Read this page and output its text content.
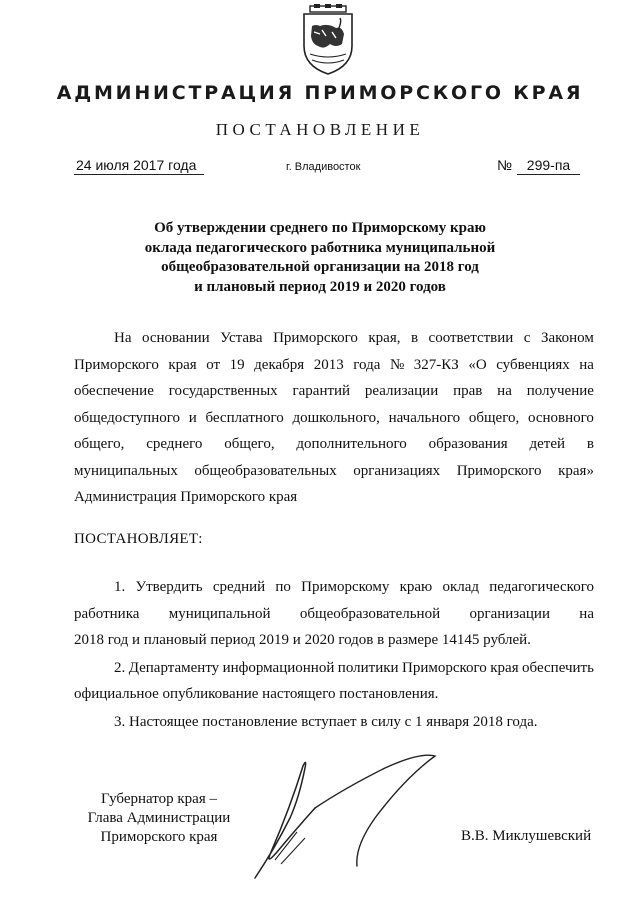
АДМИНИСТРАЦИЯ ПРИМОРСКОГО КРАЯ
ПОСТАНОВЛЕНИЕ
24 июля 2017 года	г. Владивосток	№	299-па
Об утверждении среднего по Приморскому краю
оклада педагогического работника муниципальной
общеобразовательной организации на 2018 год
и плановый период 2019 и 2020 годов
На основании Устава Приморского края, в соответствии с Законом
Приморского края от 19 декабря 2013 года № 327-КЗ «О субвенциях на
обеспечение государственных гарантий реализации прав на получение
общедоступного и бесплатного дошкольного, начального общего, основного
общего, среднего общего, дополнительного образования детей в
муниципальных общеобразовательных организациях Приморского края»
Администрация Приморского края
ПОСТАНОВЛЯЕТ:
1. Утвердить средний по Приморскому краю оклад педагогического
работника муниципальной общеобразовательной организации на
2018 год и плановый период 2019 и 2020 годов в размере 14145 рублей.
2. Департаменту информационной политики Приморского края обеспечить
официальное опубликование настоящего постановления.
3. Настоящее постановление вступает в силу с 1 января 2018 года.
Губернатор края –
Глава Администрации
Приморского края	В.В. Миклушевский
